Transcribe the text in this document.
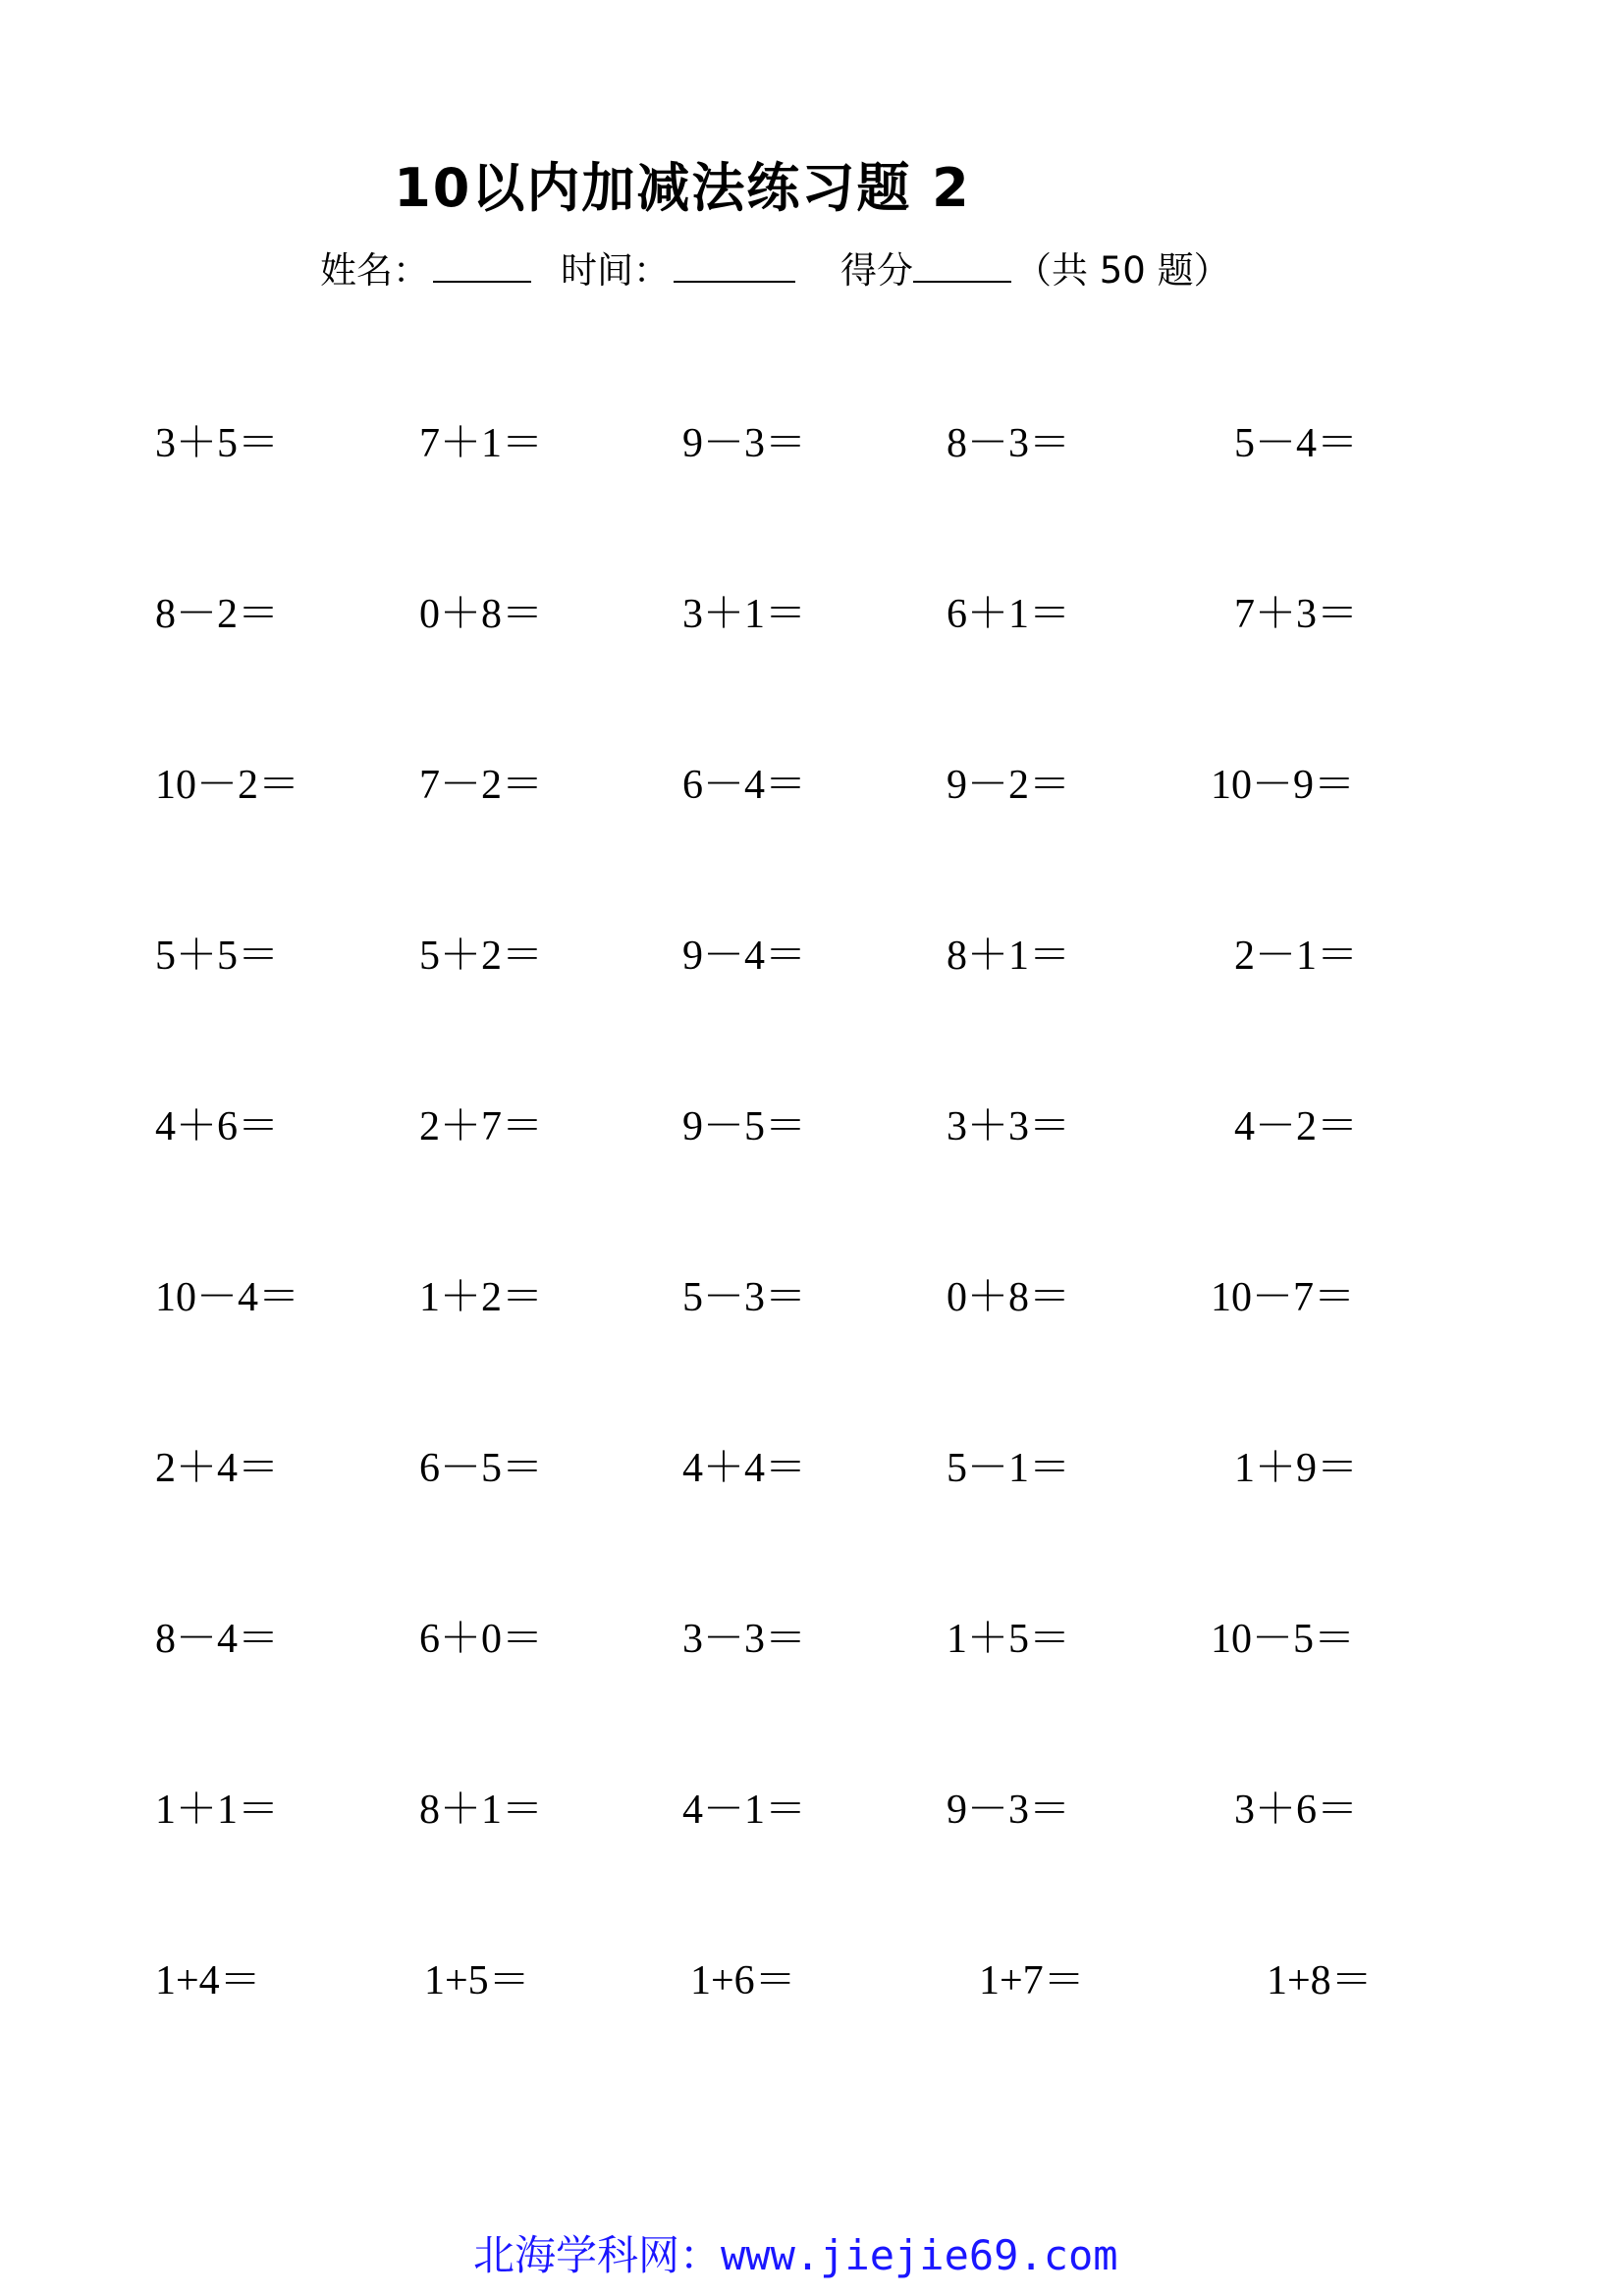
10以内加减法练习题 2
姓名：	时间：	得分	（共 50 题）
3＋5＝	7＋1＝	9－3＝	8－3＝	5－4＝
8－2＝	0＋8＝	3＋1＝	6＋1＝	7＋3＝
10－2＝	7－2＝	6－4＝	9－2＝	10－9＝
5＋5＝	5＋2＝	9－4＝	8＋1＝	2－1＝
4＋6＝	2＋7＝	9－5＝	3＋3＝	4－2＝
10－4＝	1＋2＝	5－3＝	0＋8＝	10－7＝
2＋4＝	6－5＝	4＋4＝	5－1＝	1＋9＝
8－4＝	6＋0＝	3－3＝	1＋5＝	10－5＝
1＋1＝	8＋1＝	4－1＝	9－3＝	3＋6＝
1+4＝	1+5＝	1+6＝	1+7＝	1+8＝
北海学科网：www.jiejie69.com
